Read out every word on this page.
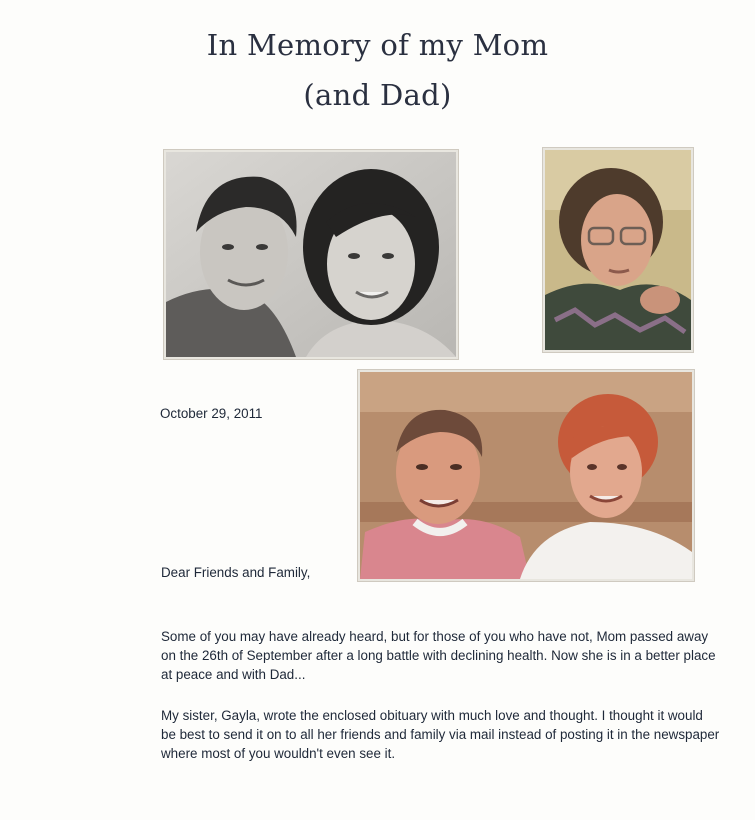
In Memory of my Mom
(and Dad)
October 29, 2011
Dear Friends and Family,
Some of you may have already heard, but for those of you who have not, Mom passed away on the 26th of September after a long battle with declining health. Now she is in a better place at peace and with Dad...
My sister, Gayla, wrote the enclosed obituary with much love and thought. I thought it would be best to send it on to all her friends and family via mail instead of posting it in the newspaper where most of you wouldn't even see it.
